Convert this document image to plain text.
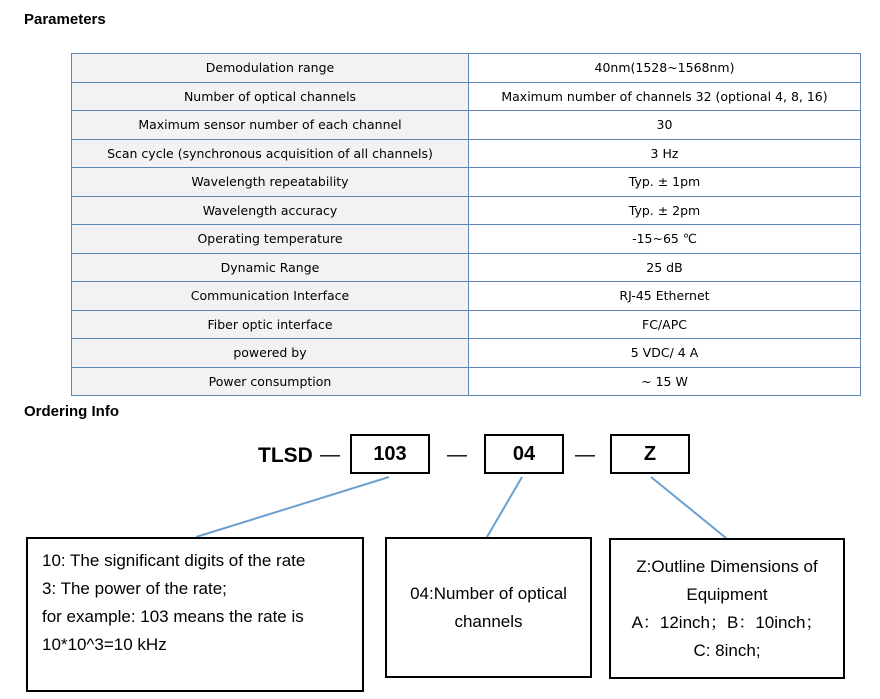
Parameters
Demodulation range	40nm(1528~1568nm)
Number of optical channels	Maximum number of channels 32 (optional 4, 8, 16)
Maximum sensor number of each channel	30
Scan cycle (synchronous acquisition of all channels)	3 Hz
Wavelength repeatability	Typ. ± 1pm
Wavelength accuracy	Typ. ± 2pm
Operating temperature	-15~65 ℃
Dynamic Range	25 dB
Communication Interface	RJ-45 Ethernet
Fiber optic interface	FC/APC
powered by	5 VDC/ 4 A
Power consumption	~ 15 W
Ordering Info
TLSD —	103	—	04	—	Z
10: The significant digits of the rate
3: The power of the rate;
for example: 103 means the rate is
10*10^3=10 kHz
04:Number of optical
channels
Z:Outline Dimensions of
Equipment
A：12inch；B：10inch；
C: 8inch;
